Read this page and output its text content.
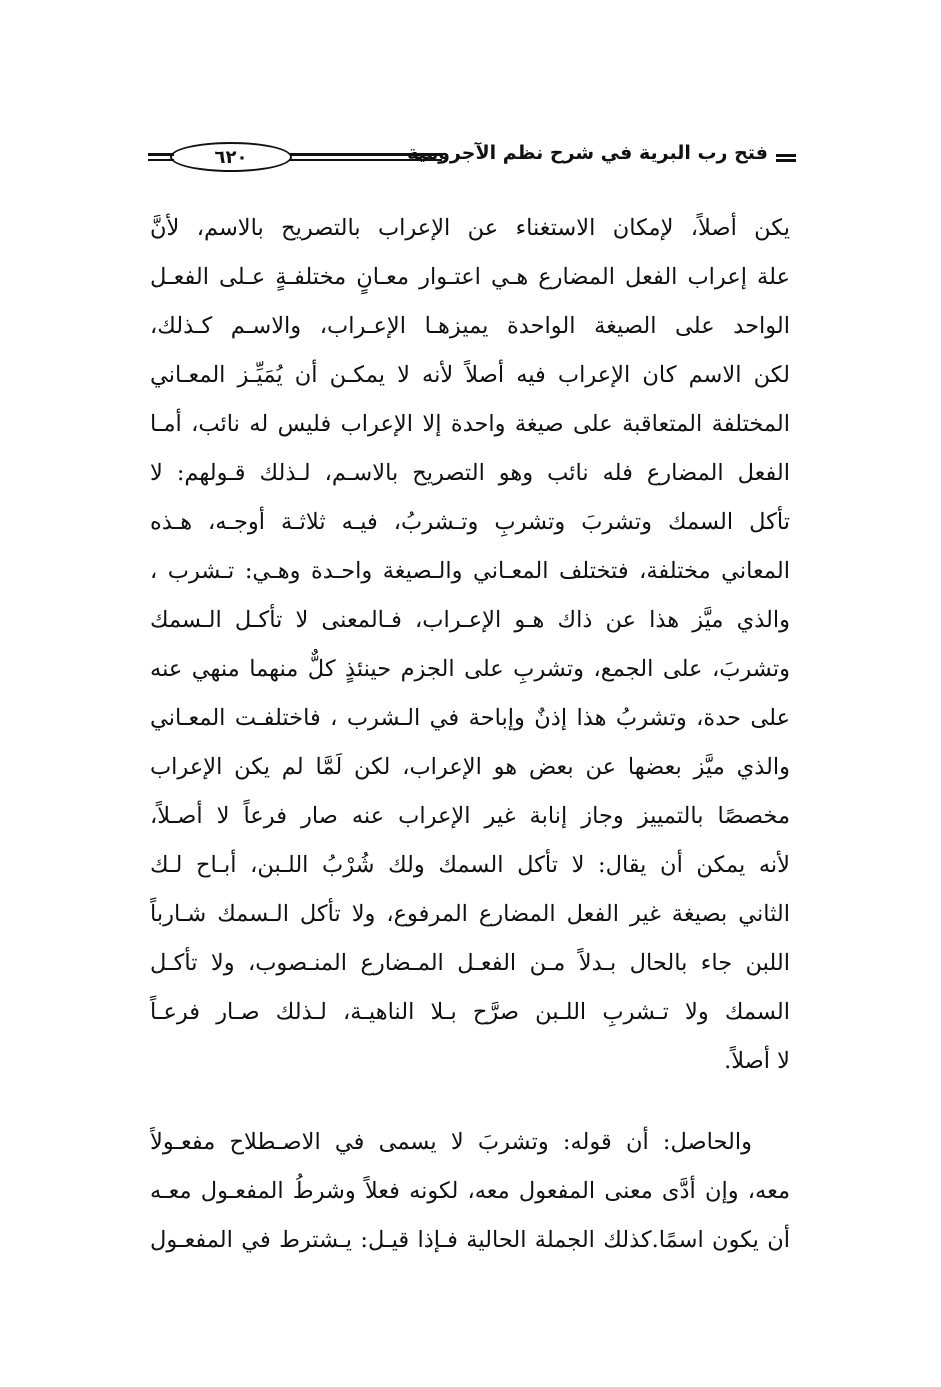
٦٢٠	فتح رب البرية في شرح نظم الآجرومية
يكن أصلاً، لإمكان الاستغناء عن الإعراب بالتصريح بالاسم، لأنَّ
علة إعراب الفعل المضارع هـي اعتـوار معـانٍ مختلفـةٍ عـلى الفعـل
الواحد على الصيغة الواحدة يميزهـا الإعـراب، والاسـم كـذلك،
لكن الاسم كان الإعراب فيه أصلاً لأنه لا يمكـن أن يُمَيِّـز المعـاني
المختلفة المتعاقبة على صيغة واحدة إلا الإعراب فليس له نائب، أمـا
الفعل المضارع فله نائب وهو التصريح بالاسـم، لـذلك قـولهم: لا
تأكل السمك وتشربَ وتشربِ وتـشربُ، فيـه ثلاثـة أوجـه، هـذه
المعاني مختلفة، فتختلف المعـاني والـصيغة واحـدة وهـي: تـشرب ،
والذي ميَّز هذا عن ذاك هـو الإعـراب، فـالمعنى لا تأكـل الـسمك
وتشربَ، على الجمع، وتشربِ على الجزم حينئذٍ كلٌّ منهما منهي عنه
على حدة، وتشربُ هذا إذنٌ وإباحة في الـشرب ، فاختلفـت المعـاني
والذي ميَّز بعضها عن بعض هو الإعراب، لكن لَمَّا لم يكن الإعراب
مخصصًا بالتمييز وجاز إنابة غير الإعراب عنه صار فرعاً لا أصـلاً،
لأنه يمكن أن يقال: لا تأكل السمك ولك شُرْبُ اللـبن، أبـاح لـك
الثاني بصيغة غير الفعل المضارع المرفوع، ولا تأكل الـسمك شـارباً
اللبن جاء بالحال بـدلاً مـن الفعـل المـضارع المنـصوب، ولا تأكـل
السمك ولا تـشربِ اللـبن صرَّح بـلا الناهيـة، لـذلك صـار فرعـاً
لا أصلاً.
والحاصل: أن قوله: وتشربَ لا يسمى في الاصـطلاح مفعـولاً
معه، وإن أدَّى معنى المفعول معه، لكونه فعلاً وشرطُ المفعـول معـه
أن يكون اسمًا.كذلك الجملة الحالية فـإذا قيـل: يـشترط في المفعـول
